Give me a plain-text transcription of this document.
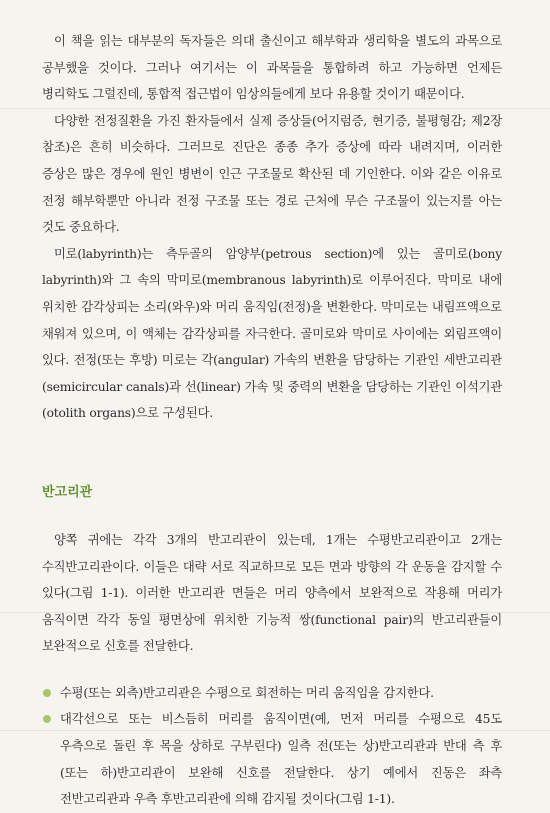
이 책을 읽는 대부분의 독자들은 의대 출신이고 해부학과 생리학을 별도의 과목으로 공부했을 것이다. 그러나 여기서는 이 과목들을 통합하려 하고 가능하면 언제든 병리학도 그럴진데, 통합적 접근법이 임상의들에게 보다 유용할 것이기 때문이다.

다양한 전정질환을 가진 환자들에서 실제 증상들(어지럼증, 현기증, 불평형감; 제2장 참조)은 흔히 비슷하다. 그러므로 진단은 종종 추가 증상에 따라 내려지며, 이러한 증상은 많은 경우에 원인 병변이 인근 구조물로 확산된 데 기인한다. 이와 같은 이유로 전정 해부학뿐만 아니라 전정 구조물 또는 경로 근처에 무슨 구조물이 있는지를 아는 것도 중요하다.

미로(labyrinth)는 측두골의 암양부(petrous section)에 있는 골미로(bony labyrinth)와 그 속의 막미로(membranous labyrinth)로 이루어진다. 막미로 내에 위치한 감각상피는 소리(와우)와 머리 움직임(전정)을 변환한다. 막미로는 내림프액으로 채워져 있으며, 이 액체는 감각상피를 자극한다. 골미로와 막미로 사이에는 외림프액이 있다. 전정(또는 후방) 미로는 각(angular) 가속의 변환을 담당하는 기관인 세반고리관(semicircular canals)과 선(linear) 가속 및 중력의 변환을 담당하는 기관인 이석기관(otolith organs)으로 구성된다.

반고리관

양쪽 귀에는 각각 3개의 반고리관이 있는데, 1개는 수평반고리관이고 2개는 수직반고리관이다. 이들은 대략 서로 직교하므로 모든 면과 방향의 각 운동을 감지할 수 있다(그림 1-1). 이러한 반고리관 면들은 머리 양측에서 보완적으로 작용해 머리가 움직이면 각각 동일 평면상에 위치한 기능적 쌍(functional pair)의 반고리관들이 보완적으로 신호를 전달한다.

수평(또는 외측)반고리관은 수평으로 회전하는 머리 움직임을 감지한다.
대각선으로 또는 비스듬히 머리를 움직이면(예, 먼저 머리를 수평으로 45도 우측으로 돌린 후 목을 상하로 구부린다) 일측 전(또는 상)반고리관과 반대 측 후(또는 하)반고리관이 보완해 신호를 전달한다. 상기 예에서 진동은 좌측 전반고리관과 우측 후반고리관에 의해 감지될 것이다(그림 1-1).
